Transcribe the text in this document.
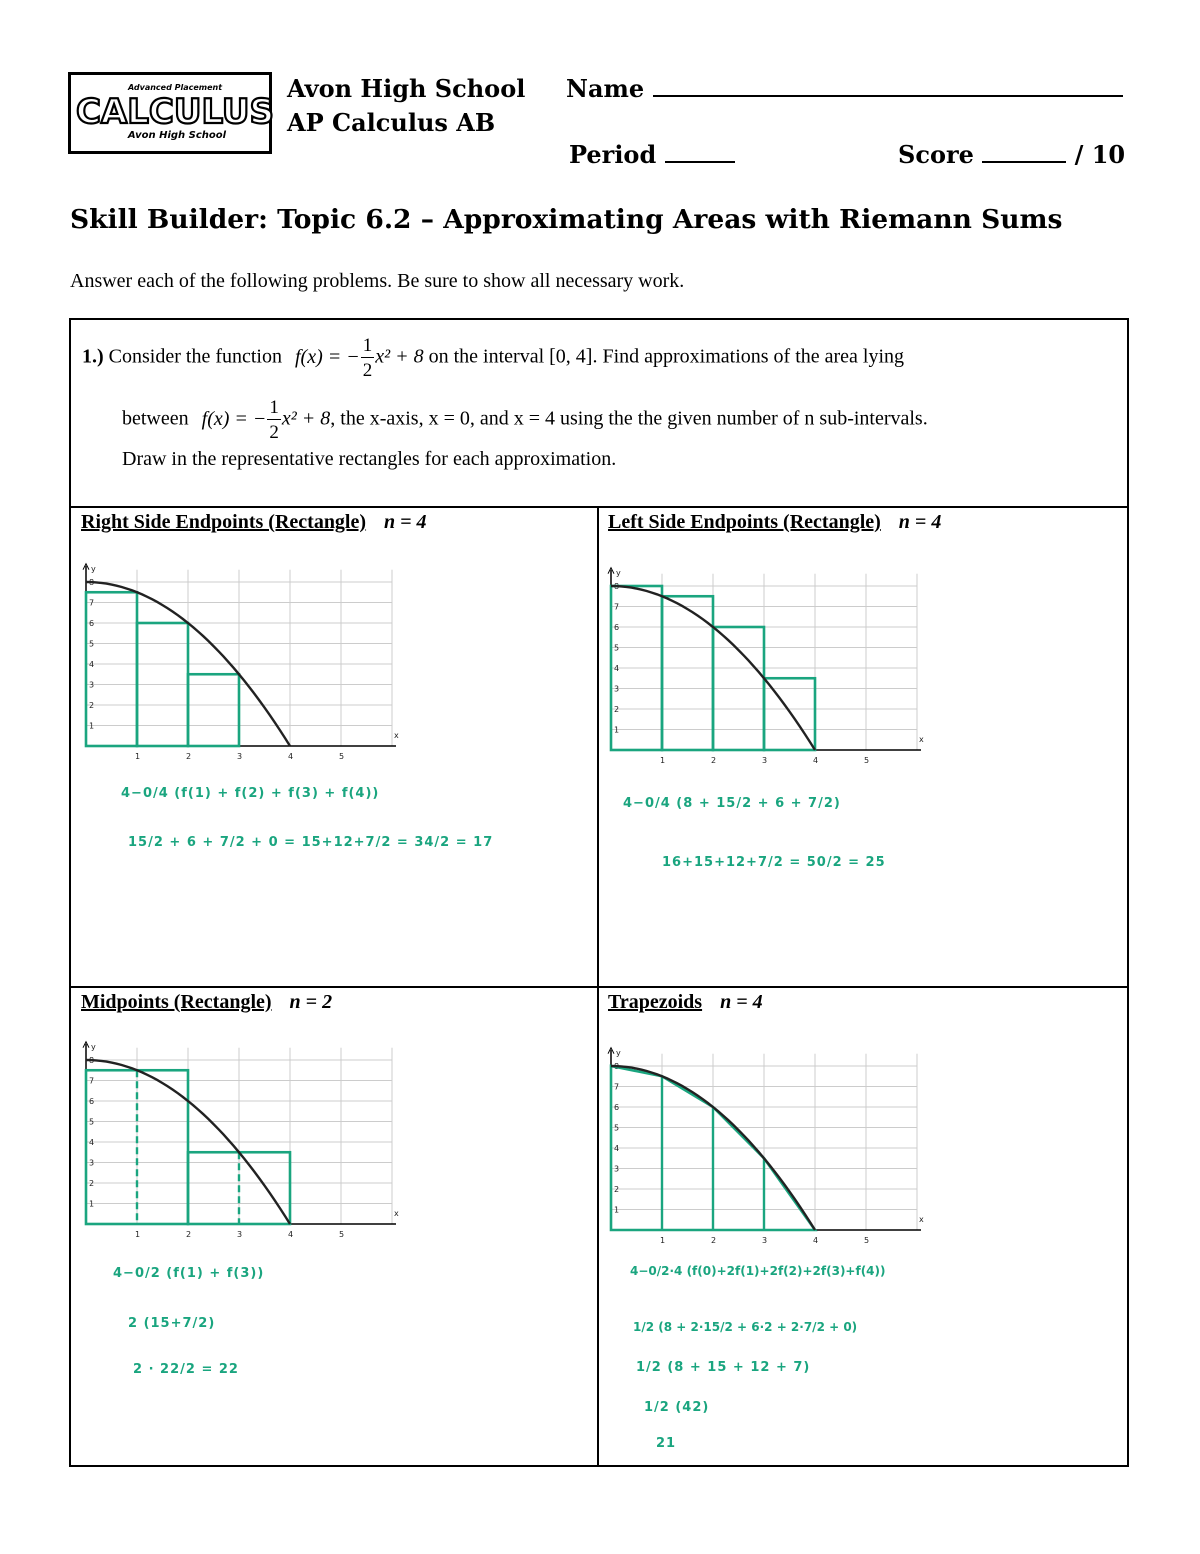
Advanced Placement
CALCULUS
Avon High School
Avon High School
AP Calculus AB
Name
Period	Score	/ 10
Skill Builder: Topic 6.2 – Approximating Areas with Riemann Sums
Answer each of the following problems. Be sure to show all necessary work.
1.) Consider the function f(x) = − $\frac{1}{2} x^2 + 8$ on the interval [0, 4]. Find approximations of the area lying
between f(x) = − $\frac{1}{2} x^2 + 8$, the x-axis, x = 0, and x = 4 using the the given number of n sub-intervals.
Draw in the representative rectangles for each approximation.
Right Side Endpoints (Rectangle) n = 4	Left Side Endpoints (Rectangle) n = 4
Midpoints (Rectangle) n = 2	Trapezoids n = 4
x
y
1	2	3	4	5
1
2
3
4
5
6
7
8
x
y
1	2	3	4	5
1
2
3
4
5
6
7
8
x
y
1	2	3	4	5
1
2
3
4
5
6
7
8
x
y
1	2	3	4	5
1
2
3
4
5
6
7
8
4−0/4 (f(1) + f(2) + f(3) + f(4))
15/2 + 6 + 7/2 + 0 = 15+12+7/2 = 34/2 = 17
4−0/4 (8 + 15/2 + 6 + 7/2)
16+15+12+7/2 = 50/2 = 25
4−0/2 (f(1) + f(3))
2 (15+7/2)
2 · 22/2 = 22
4−0/2·4 (f(0)+2f(1)+2f(2)+2f(3)+f(4))
1/2 (8 + 2·15/2 + 6·2 + 2·7/2 + 0)
1/2 (8 + 15 + 12 + 7)
1/2 (42)
21
